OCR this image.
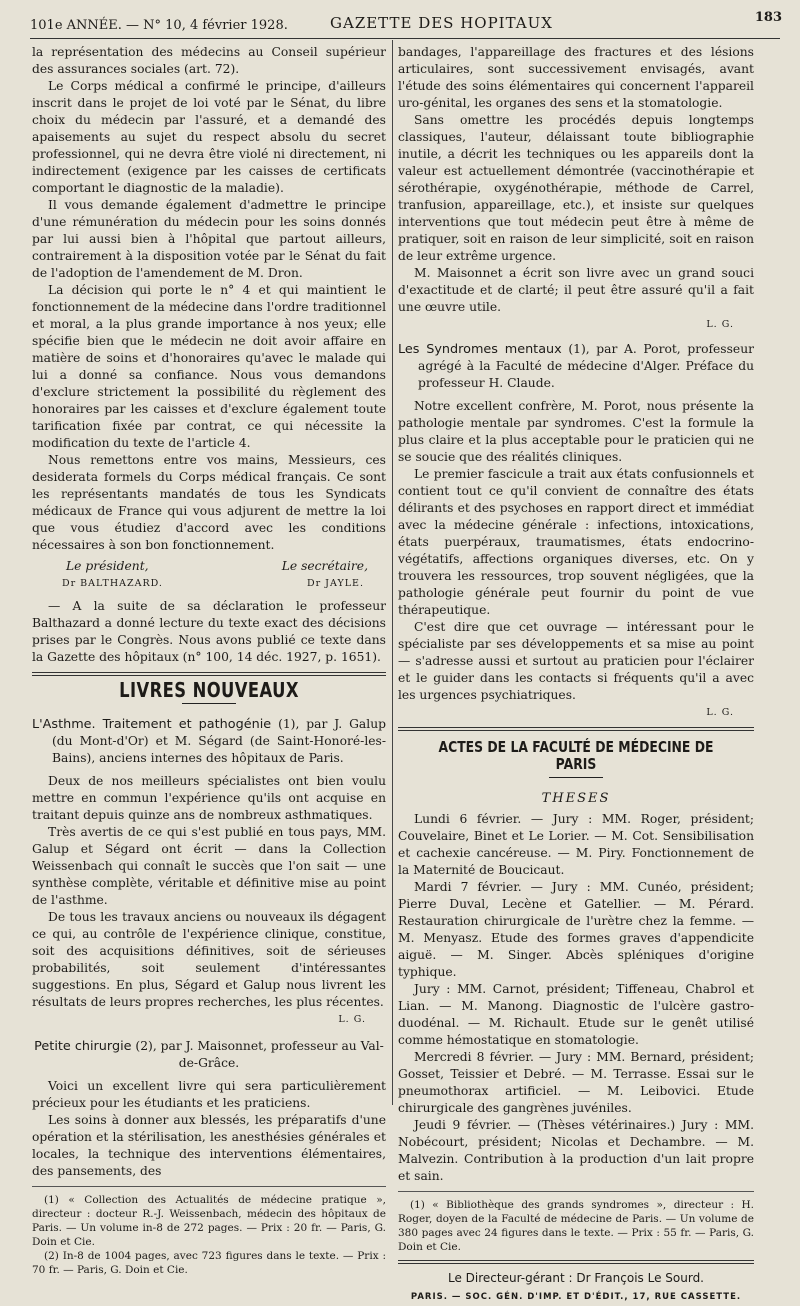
101e ANNÉE. — N° 10, 4 février 1928.	GAZETTE DES HOPITAUX	183

la représentation des médecins au Conseil supérieur des assurances sociales (art. 72).

Le Corps médical a confirmé le principe, d'ailleurs inscrit dans le projet de loi voté par le Sénat, du libre choix du médecin par l'assuré, et a demandé des apaisements au sujet du respect absolu du secret professionnel, qui ne devra être violé ni directement, ni indirectement (exigence par les caisses de certificats comportant le diagnostic de la maladie).

Il vous demande également d'admettre le principe d'une rémunération du médecin pour les soins donnés par lui aussi bien à l'hôpital que partout ailleurs, contrairement à la disposition votée par le Sénat du fait de l'adoption de l'amendement de M. Dron.

La décision qui porte le n° 4 et qui maintient le fonctionnement de la médecine dans l'ordre traditionnel et moral, a la plus grande importance à nos yeux; elle spécifie bien que le médecin ne doit avoir affaire en matière de soins et d'honoraires qu'avec le malade qui lui a donné sa confiance. Nous vous demandons d'exclure strictement la possibilité du règlement des honoraires par les caisses et d'exclure également toute tarification fixée par contrat, ce qui nécessite la modification du texte de l'article 4.

Nous remettons entre vos mains, Messieurs, ces desiderata formels du Corps médical français. Ce sont les représentants mandatés de tous les Syndicats médicaux de France qui vous adjurent de mettre la loi que vous étudiez d'accord avec les conditions nécessaires à son bon fonctionnement.

Le président,	Le secrétaire,
Dr BALTHAZARD.	Dr JAYLE.

— A la suite de sa déclaration le professeur Balthazard a donné lecture du texte exact des décisions prises par le Congrès. Nous avons publié ce texte dans la Gazette des hôpitaux (n° 100, 14 déc. 1927, p. 1651).

LIVRES NOUVEAUX
L'Asthme. Traitement et pathogénie (1), par J. Galup (du Mont-d'Or) et M. Ségard (de Saint-Honoré-les-Bains), anciens internes des hôpitaux de Paris.

Deux de nos meilleurs spécialistes ont bien voulu mettre en commun l'expérience qu'ils ont acquise en traitant depuis quinze ans de nombreux asthmatiques.

Très avertis de ce qui s'est publié en tous pays, MM. Galup et Ségard ont écrit — dans la Collection Weissenbach qui connaît le succès que l'on sait — une synthèse complète, véritable et définitive mise au point de l'asthme.

De tous les travaux anciens ou nouveaux ils dégagent ce qui, au contrôle de l'expérience clinique, constitue, soit des acquisitions définitives, soit de sérieuses probabilités, soit seulement d'intéressantes suggestions. En plus, Ségard et Galup nous livrent les résultats de leurs propres recherches, les plus récentes.

L. G.
Petite chirurgie (2), par J. Maisonnet, professeur au Val-de-Grâce.

Voici un excellent livre qui sera particulièrement précieux pour les étudiants et les praticiens.

Les soins à donner aux blessés, les préparatifs d'une opération et la stérilisation, les anesthésies générales et locales, la technique des interventions élémentaires, des pansements, des

(1) « Collection des Actualités de médecine pratique », directeur : docteur R.-J. Weissenbach, médecin des hôpitaux de Paris. — Un volume in-8 de 272 pages. — Prix : 20 fr. — Paris, G. Doin et Cie.

(2) In-8 de 1004 pages, avec 723 figures dans le texte. — Prix : 70 fr. — Paris, G. Doin et Cie.

bandages, l'appareillage des fractures et des lésions articulaires, sont successivement envisagés, avant l'étude des soins élémentaires qui concernent l'appareil uro-génital, les organes des sens et la stomatologie.

Sans omettre les procédés depuis longtemps classiques, l'auteur, délaissant toute bibliographie inutile, a décrit les techniques ou les appareils dont la valeur est actuellement démontrée (vaccinothérapie et sérothérapie, oxygénothérapie, méthode de Carrel, tranfusion, appareillage, etc.), et insiste sur quelques interventions que tout médecin peut être à même de pratiquer, soit en raison de leur simplicité, soit en raison de leur extrême urgence.

M. Maisonnet a écrit son livre avec un grand souci d'exactitude et de clarté; il peut être assuré qu'il a fait une œuvre utile.

L. G.
Les Syndromes mentaux (1), par A. Porot, professeur agrégé à la Faculté de médecine d'Alger. Préface du professeur H. Claude.

Notre excellent confrère, M. Porot, nous présente la pathologie mentale par syndromes. C'est la formule la plus claire et la plus acceptable pour le praticien qui ne se soucie que des réalités cliniques.

Le premier fascicule a trait aux états confusionnels et contient tout ce qu'il convient de connaître des états délirants et des psychoses en rapport direct et immédiat avec la médecine générale : infections, intoxications, états puerpéraux, traumatismes, états endocrino-végétatifs, affections organiques diverses, etc. On y trouvera les ressources, trop souvent négligées, que la pathologie générale peut fournir du point de vue thérapeutique.

C'est dire que cet ouvrage — intéressant pour le spécialiste par ses développements et sa mise au point — s'adresse aussi et surtout au praticien pour l'éclairer et le guider dans les contacts si fréquents qu'il a avec les urgences psychiatriques.

L. G.
ACTES DE LA FACULTÉ DE MÉDECINE DE PARIS
THESES

Lundi 6 février. — Jury : MM. Roger, président; Couvelaire, Binet et Le Lorier. — M. Cot. Sensibilisation et cachexie cancéreuse. — M. Piry. Fonctionnement de la Maternité de Boucicaut.

Mardi 7 février. — Jury : MM. Cunéo, président; Pierre Duval, Lecène et Gatellier. — M. Pérard. Restauration chirurgicale de l'urètre chez la femme. — M. Menyasz. Etude des formes graves d'appendicite aiguë. — M. Singer. Abcès spléniques d'origine typhique.

Jury : MM. Carnot, président; Tiffeneau, Chabrol et Lian. — M. Manong. Diagnostic de l'ulcère gastro-duodénal. — M. Richault. Etude sur le genêt utilisé comme hémostatique en stomatologie.

Mercredi 8 février. — Jury : MM. Bernard, président; Gosset, Teissier et Debré. — M. Terrasse. Essai sur le pneumothorax artificiel. — M. Leibovici. Etude chirurgicale des gangrènes juvéniles.

Jeudi 9 février. — (Thèses vétérinaires.) Jury : MM. Nobécourt, président; Nicolas et Dechambre. — M. Malvezin. Contribution à la production d'un lait propre et sain.

(1) « Bibliothèque des grands syndromes », directeur : H. Roger, doyen de la Faculté de médecine de Paris. — Un volume de 380 pages avec 24 figures dans le texte. — Prix : 55 fr. — Paris, G. Doin et Cie.

Le Directeur-gérant : Dr François Le Sourd.
PARIS. — SOC. GÉN. D'IMP. ET D'ÉDIT., 17, RUE CASSETTE.
